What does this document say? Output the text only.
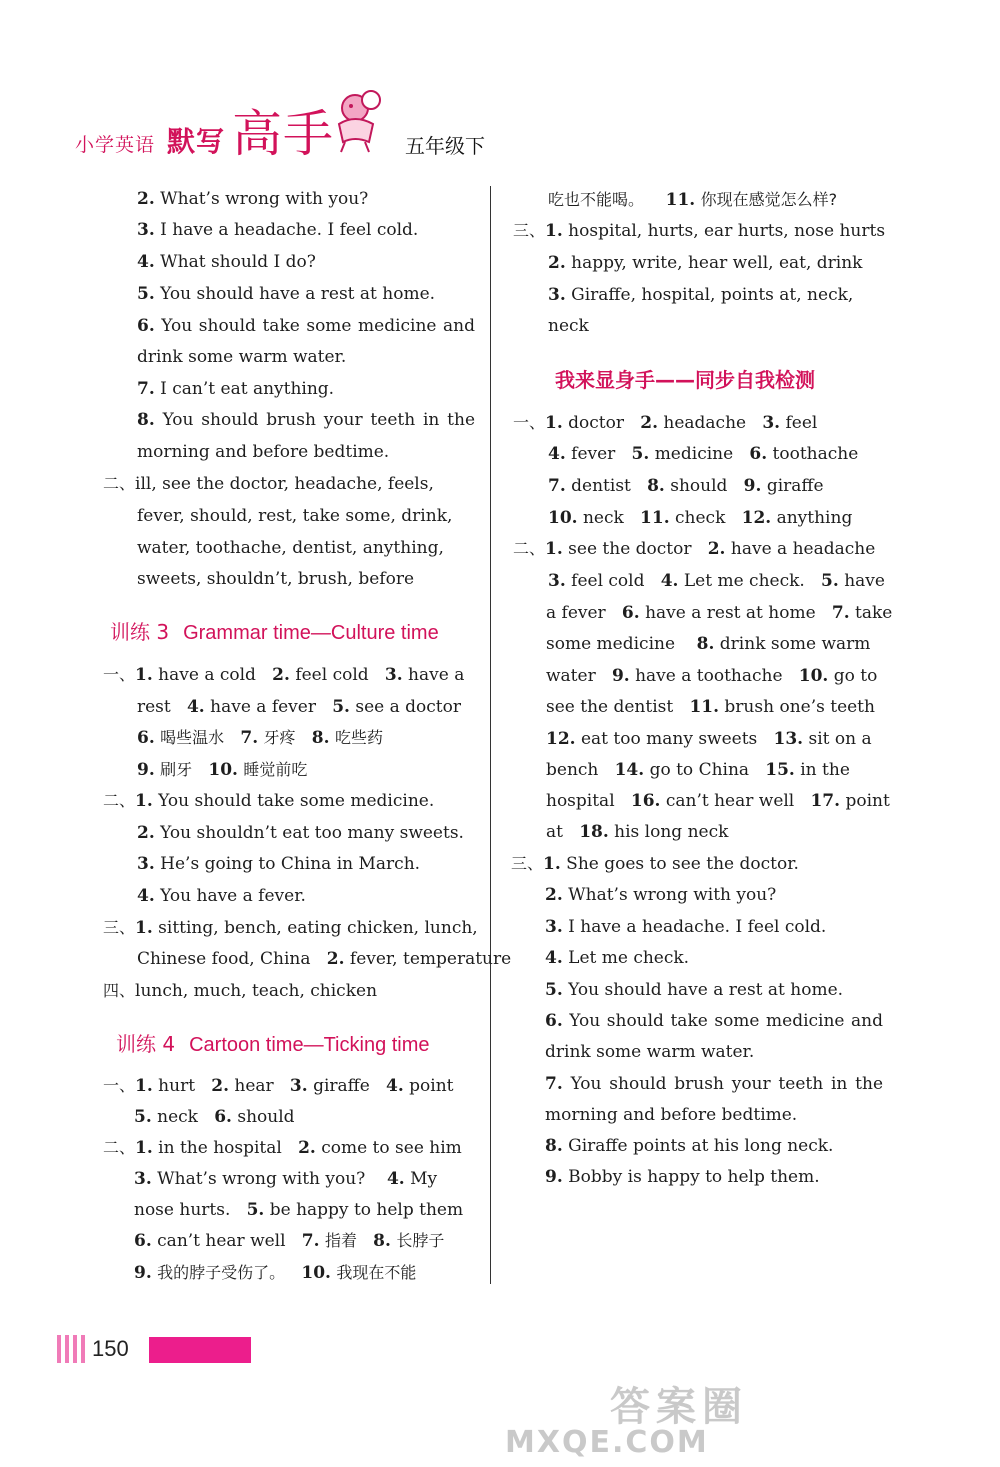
小学英语 默写 高手	五年级下
2. What’s wrong with you?
3. I have a headache. I feel cold.
4. What should I do?
5. You should have a rest at home.
6. You should take some medicine and
drink some warm water.
7. I can’t eat anything.
8. You should brush your teeth in the
morning and before bedtime.
二、ill, see the doctor, headache, feels,
fever, should, rest, take some, drink,
water, toothache, dentist, anything,
sweets, shouldn’t, brush, before
训练 3 Grammar time—Culture time
一、1. have a cold 2. feel cold 3. have a
rest 4. have a fever 5. see a doctor
6. 喝些温水 7. 牙疼 8. 吃些药
9. 刷牙 10. 睡觉前吃
二、1. You should take some medicine.
2. You shouldn’t eat too many sweets.
3. He’s going to China in March.
4. You have a fever.
三、1. sitting, bench, eating chicken, lunch,
Chinese food, China 2. fever, temperature
四、lunch, much, teach, chicken
训练 4 Cartoon time—Ticking time
一、1. hurt 2. hear 3. giraffe 4. point
5. neck 6. should
二、1. in the hospital 2. come to see him
3. What’s wrong with you? 4. My
nose hurts. 5. be happy to help them
6. can’t hear well 7. 指着 8. 长脖子
9. 我的脖子受伤了。 10. 我现在不能
吃也不能喝。 11. 你现在感觉怎么样?
三、1. hospital, hurts, ear hurts, nose hurts
2. happy, write, hear well, eat, drink
3. Giraffe, hospital, points at, neck,
neck
我来显身手——同步自我检测
一、1. doctor 2. headache 3. feel
4. fever 5. medicine 6. toothache
7. dentist 8. should 9. giraffe
10. neck 11. check 12. anything
二、1. see the doctor 2. have a headache
3. feel cold 4. Let me check. 5. have
a fever 6. have a rest at home 7. take
some medicine 8. drink some warm
water 9. have a toothache 10. go to
see the dentist 11. brush one’s teeth
12. eat too many sweets 13. sit on a
bench 14. go to China 15. in the
hospital 16. can’t hear well 17. point
at 18. his long neck
三、1. She goes to see the doctor.
2. What’s wrong with you?
3. I have a headache. I feel cold.
4. Let me check.
5. You should have a rest at home.
6. You should take some medicine and
drink some warm water.
7. You should brush your teeth in the
morning and before bedtime.
8. Giraffe points at his long neck.
9. Bobby is happy to help them.
150
答案圈
MXQE.COM
